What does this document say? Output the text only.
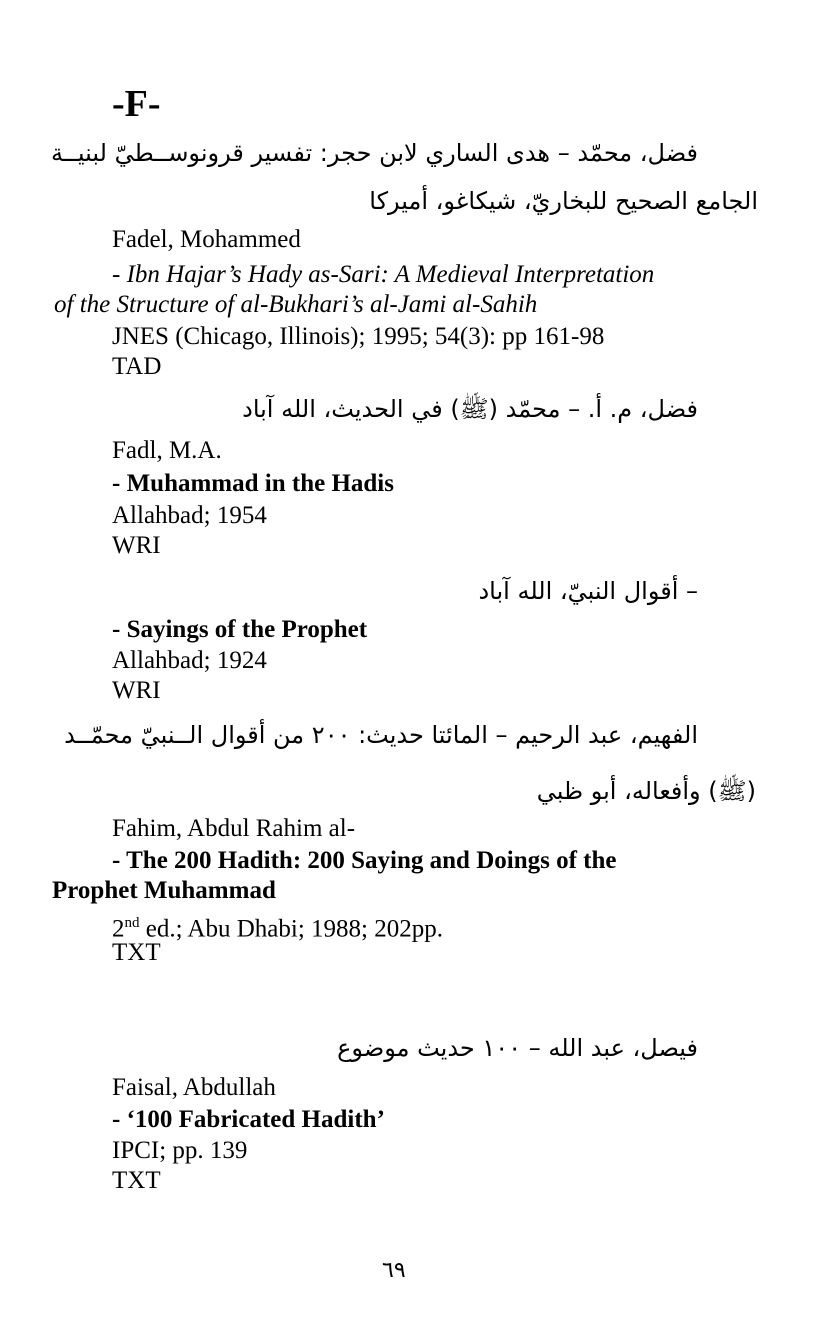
-F-
فضل، محمّد – هدى الساري لابن حجر: تفسير قرونوســطيّ لبنيــة
الجامع الصحيح للبخاريّ، شيكاغو، أميركا
Fadel, Mohammed
- Ibn Hajar’s Hady as-Sari: A Medieval Interpretation
of the Structure of al-Bukhari’s al-Jami al-Sahih
JNES (Chicago, Illinois); 1995; 54(3): pp 161-98
TAD
فضل، م. أ. – محمّد (ﷺ) في الحديث، الله آباد
Fadl, M.A.
- Muhammad in the Hadis
Allahbad; 1954
WRI
– أقوال النبيّ، الله آباد
- Sayings of the Prophet
Allahbad; 1924
WRI
الفهيم، عبد الرحيم – المائتا حديث: ٢٠٠ من أقوال الــنبيّ محمّــد
(ﷺ) وأفعاله، أبو ظبي
Fahim, Abdul Rahim al-
- The 200 Hadith: 200 Saying and Doings of the
Prophet Muhammad
2nd ed.; Abu Dhabi; 1988; 202pp.
TXT
فيصل، عبد الله – ١٠٠ حديث موضوع
Faisal, Abdullah
- ‘100 Fabricated Hadith’
IPCI; pp. 139
TXT
٦٩
